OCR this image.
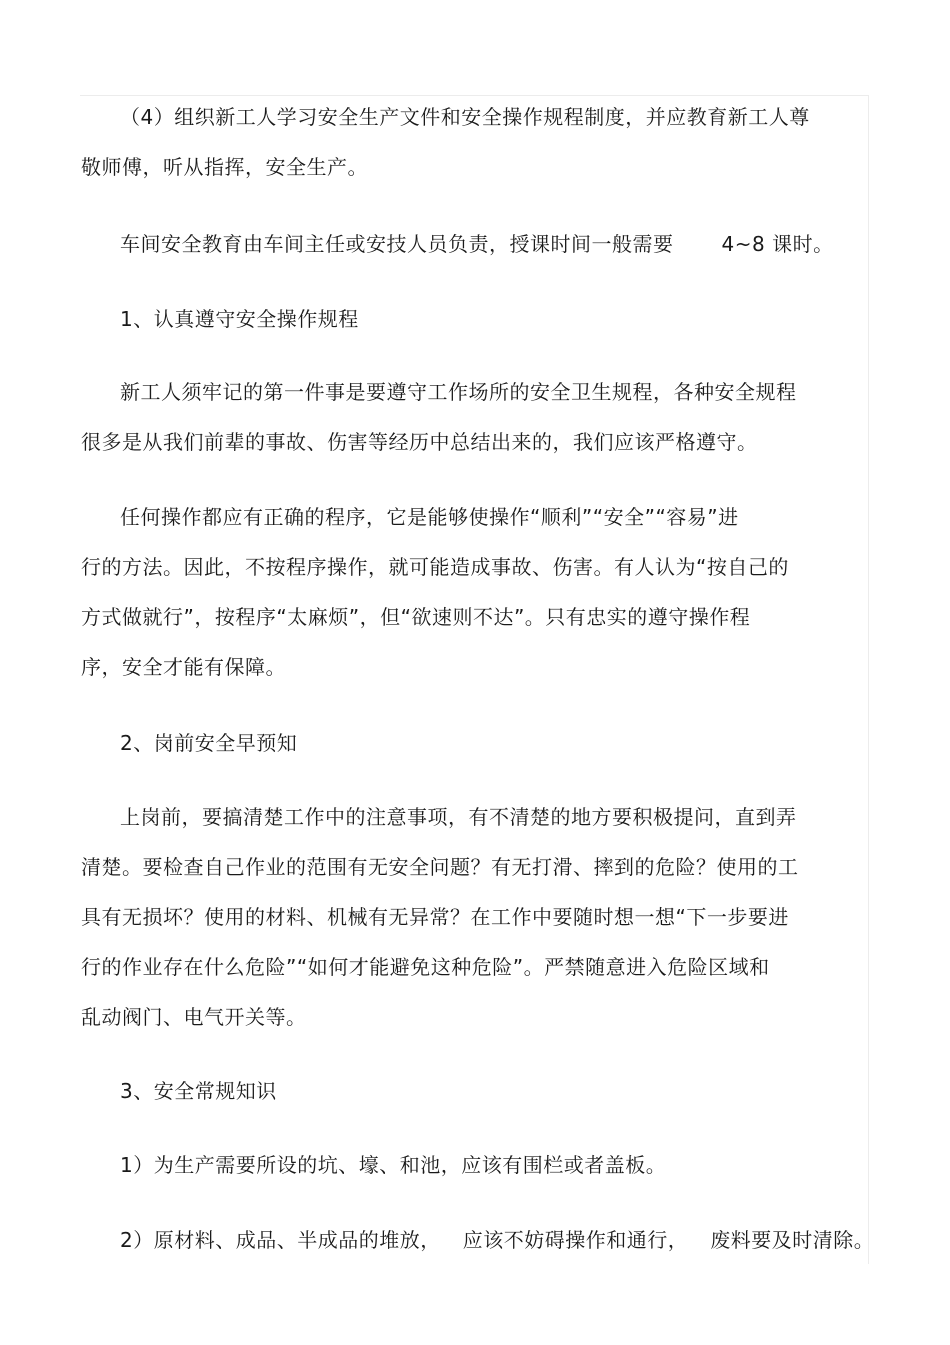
（4）组织新工人学习安全生产文件和安全操作规程制度，并应教育新工人尊
敬师傅，听从指挥，安全生产。
车间安全教育由车间主任或安技人员负责，授课时间一般需要 4~8 课时。
1、认真遵守安全操作规程
新工人须牢记的第一件事是要遵守工作场所的安全卫生规程，各种安全规程
很多是从我们前辈的事故、伤害等经历中总结出来的，我们应该严格遵守。
任何操作都应有正确的程序，它是能够使操作“顺利”“安全”“容易”进
行的方法。因此，不按程序操作，就可能造成事故、伤害。有人认为“按自己的
方式做就行”，按程序“太麻烦”，但“欲速则不达”。只有忠实的遵守操作程
序，安全才能有保障。
2、岗前安全早预知
上岗前，要搞清楚工作中的注意事项，有不清楚的地方要积极提问，直到弄
清楚。要检查自己作业的范围有无安全问题？有无打滑、摔到的危险？使用的工
具有无损坏？使用的材料、机械有无异常？在工作中要随时想一想“下一步要进
行的作业存在什么危险”“如何才能避免这种危险”。严禁随意进入危险区域和
乱动阀门、电气开关等。
3、安全常规知识
1）为生产需要所设的坑、壕、和池，应该有围栏或者盖板。
2）原材料、成品、半成品的堆放， 应该不妨碍操作和通行， 废料要及时清除。
